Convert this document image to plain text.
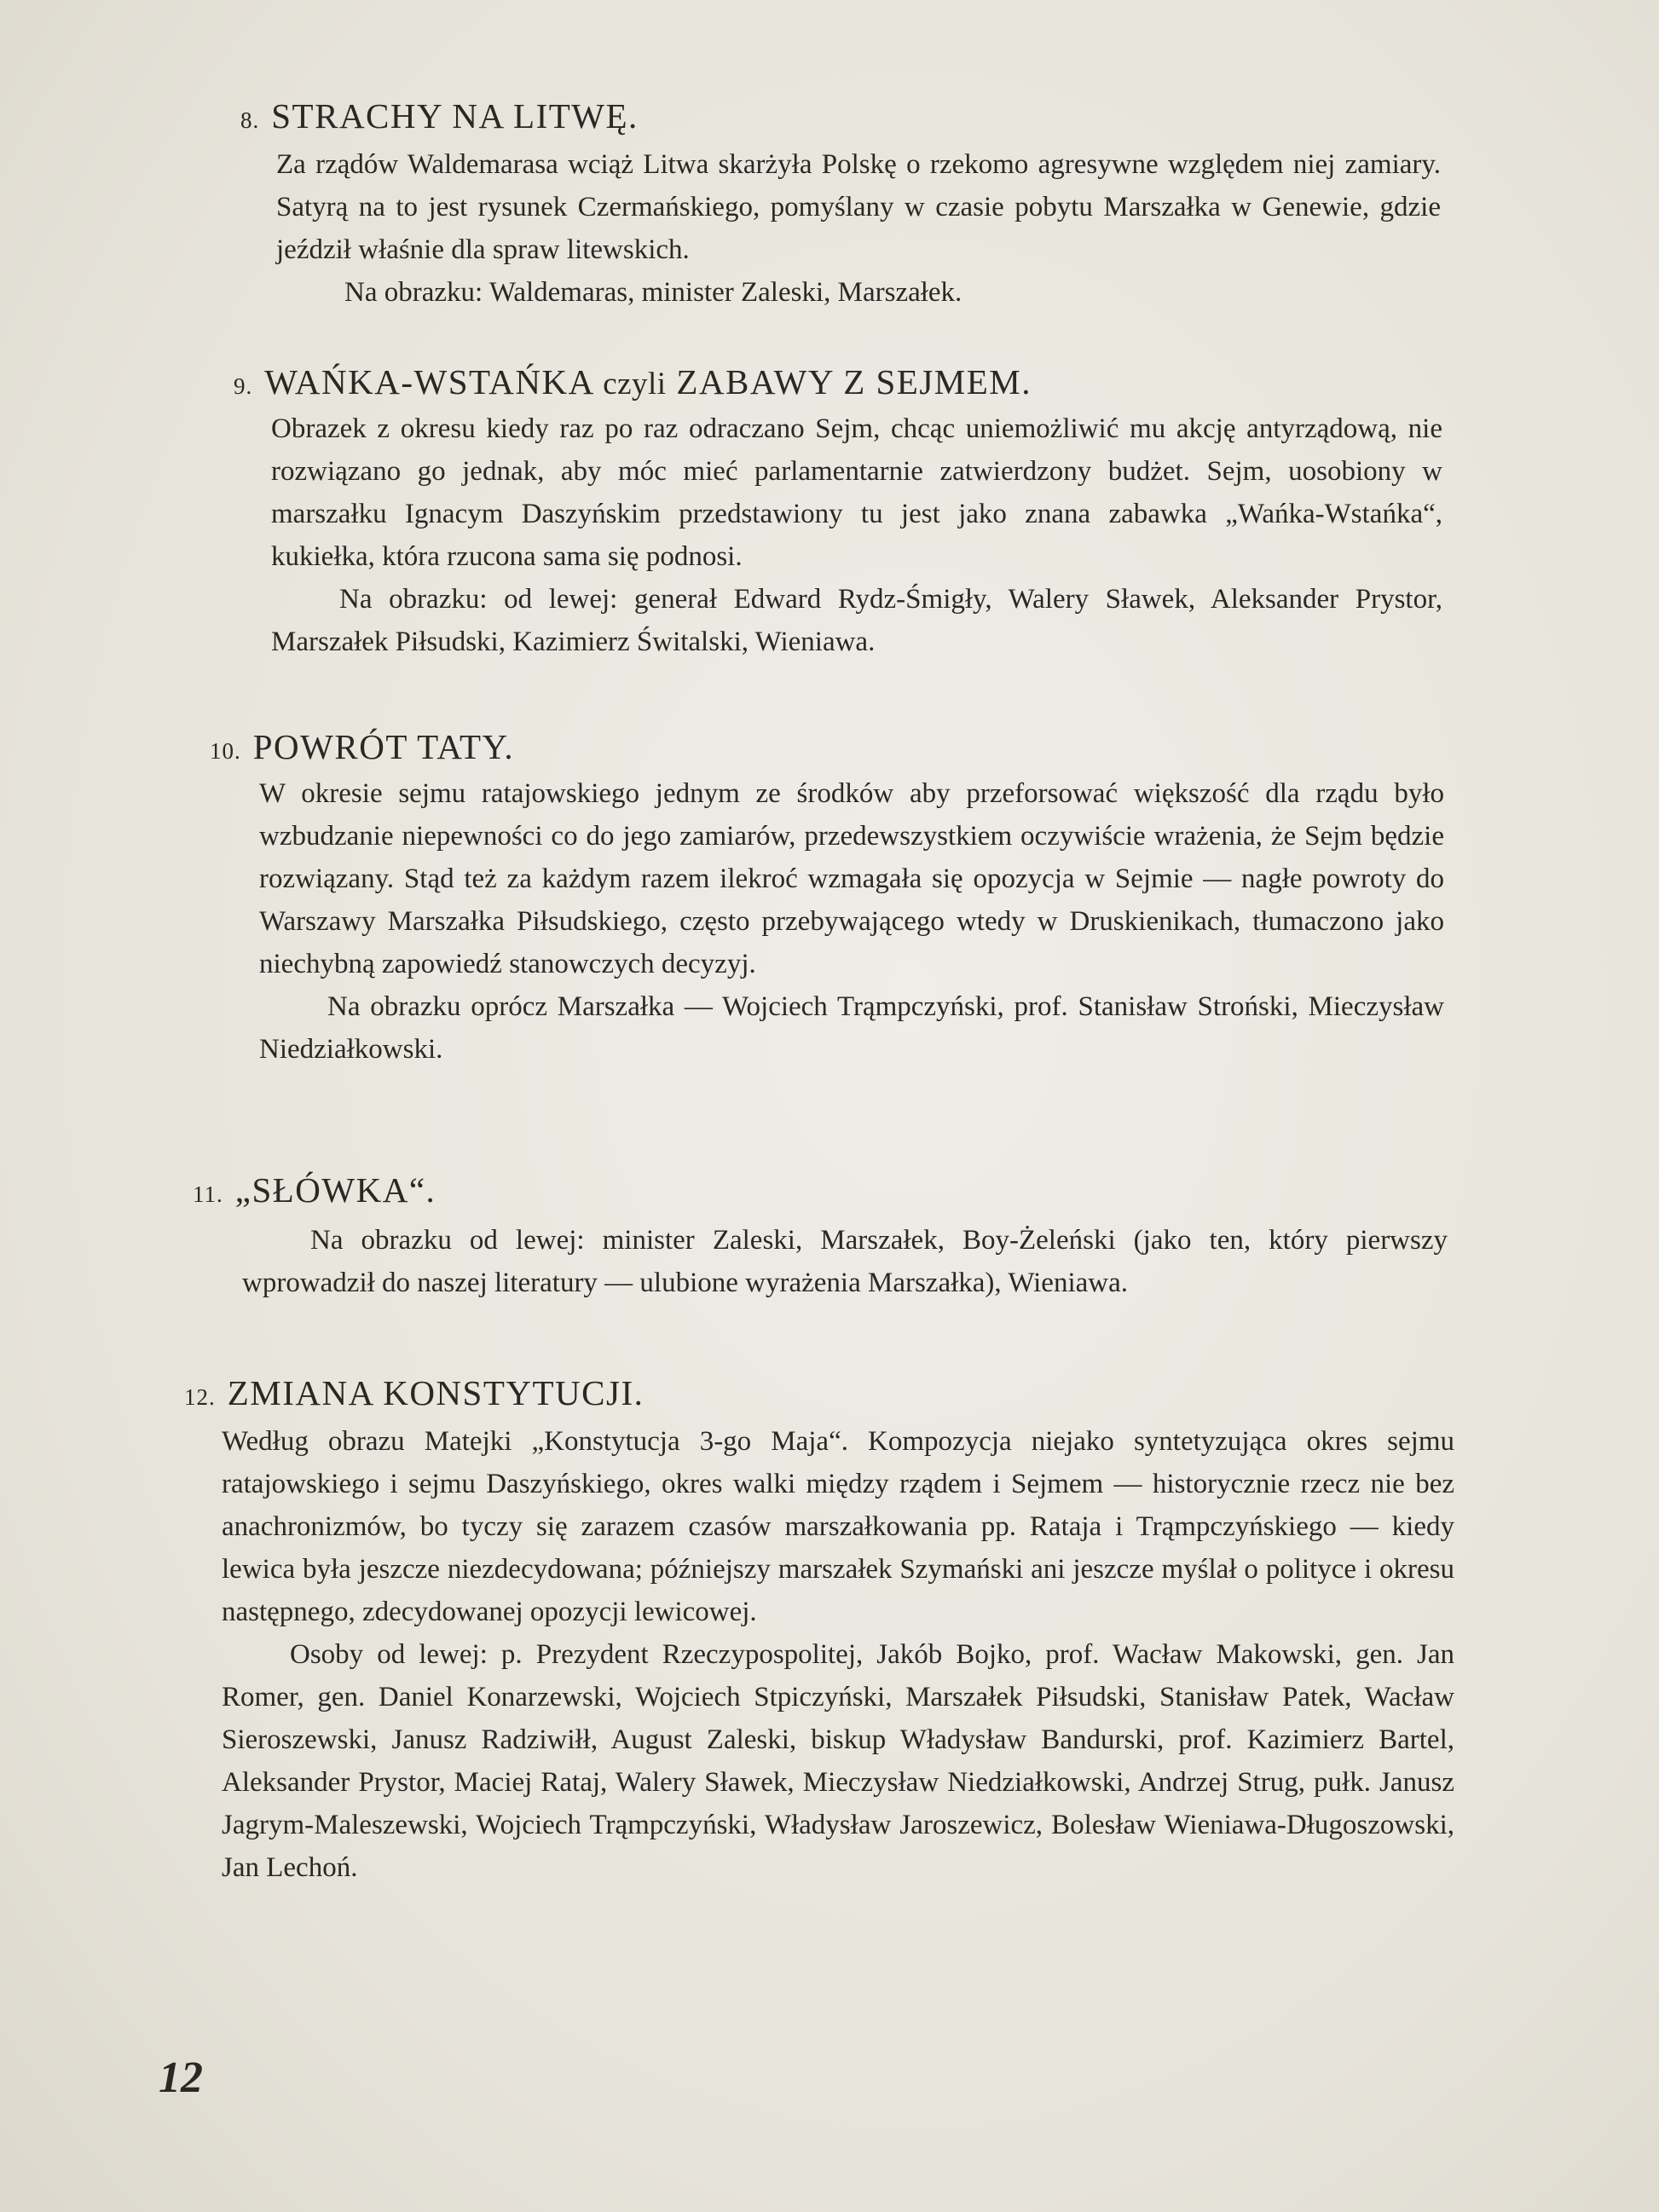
8. STRACHY NA LITWĘ.

Za rządów Waldemarasa wciąż Litwa skarżyła Polskę o rzekomo agresywne względem niej zamiary. Satyrą na to jest rysunek Czermańskiego, pomyślany w czasie pobytu Marszałka w Genewie, gdzie jeździł właśnie dla spraw litewskich.

Na obrazku: Waldemaras, minister Zaleski, Marszałek.

9. WAŃKA-WSTAŃKA czyli ZABAWY Z SEJMEM.

Obrazek z okresu kiedy raz po raz odraczano Sejm, chcąc uniemożliwić mu akcję antyrządową, nie rozwiązano go jednak, aby móc mieć parlamentarnie zatwierdzony budżet. Sejm, uosobiony w marszałku Ignacym Daszyńskim przedstawiony tu jest jako znana zabawka „Wańka-Wstańka“, kukiełka, która rzucona sama się podnosi.

Na obrazku: od lewej: generał Edward Rydz-Śmigły, Walery Sławek, Aleksander Prystor, Marszałek Piłsudski, Kazimierz Świtalski, Wieniawa.

10. POWRÓT TATY.

W okresie sejmu ratajowskiego jednym ze środków aby przeforsować większość dla rządu było wzbudzanie niepewności co do jego zamiarów, przedewszystkiem oczywiście wrażenia, że Sejm będzie rozwiązany. Stąd też za każdym razem ilekroć wzmagała się opozycja w Sejmie — nagłe powroty do Warszawy Marszałka Piłsudskiego, często przebywającego wtedy w Druskienikach, tłumaczono jako niechybną zapowiedź stanowczych decyzyj.

Na obrazku oprócz Marszałka — Wojciech Trąmpczyński, prof. Stanisław Stroński, Mieczysław Niedziałkowski.

11. „SŁÓWKA“.

Na obrazku od lewej: minister Zaleski, Marszałek, Boy-Żeleński (jako ten, który pierwszy wprowadził do naszej literatury — ulubione wyrażenia Marszałka), Wieniawa.

12. ZMIANA KONSTYTUCJI.

Według obrazu Matejki „Konstytucja 3-go Maja“. Kompozycja niejako syntetyzująca okres sejmu ratajowskiego i sejmu Daszyńskiego, okres walki między rządem i Sejmem — historycznie rzecz nie bez anachronizmów, bo tyczy się zarazem czasów marszałkowania pp. Rataja i Trąmpczyńskiego — kiedy lewica była jeszcze niezdecydowana; późniejszy marszałek Szymański ani jeszcze myślał o polityce i okresu następnego, zdecydowanej opozycji lewicowej.

Osoby od lewej: p. Prezydent Rzeczypospolitej, Jakób Bojko, prof. Wacław Makowski, gen. Jan Romer, gen. Daniel Konarzewski, Wojciech Stpiczyński, Marszałek Piłsudski, Stanisław Patek, Wacław Sieroszewski, Janusz Radziwiłł, August Zaleski, biskup Władysław Bandurski, prof. Kazimierz Bartel, Aleksander Prystor, Maciej Rataj, Walery Sławek, Mieczysław Niedziałkowski, Andrzej Strug, pułk. Janusz Jagrym-Maleszewski, Wojciech Trąmpczyński, Władysław Jaroszewicz, Bolesław Wieniawa-Długoszowski, Jan Lechoń.

12
